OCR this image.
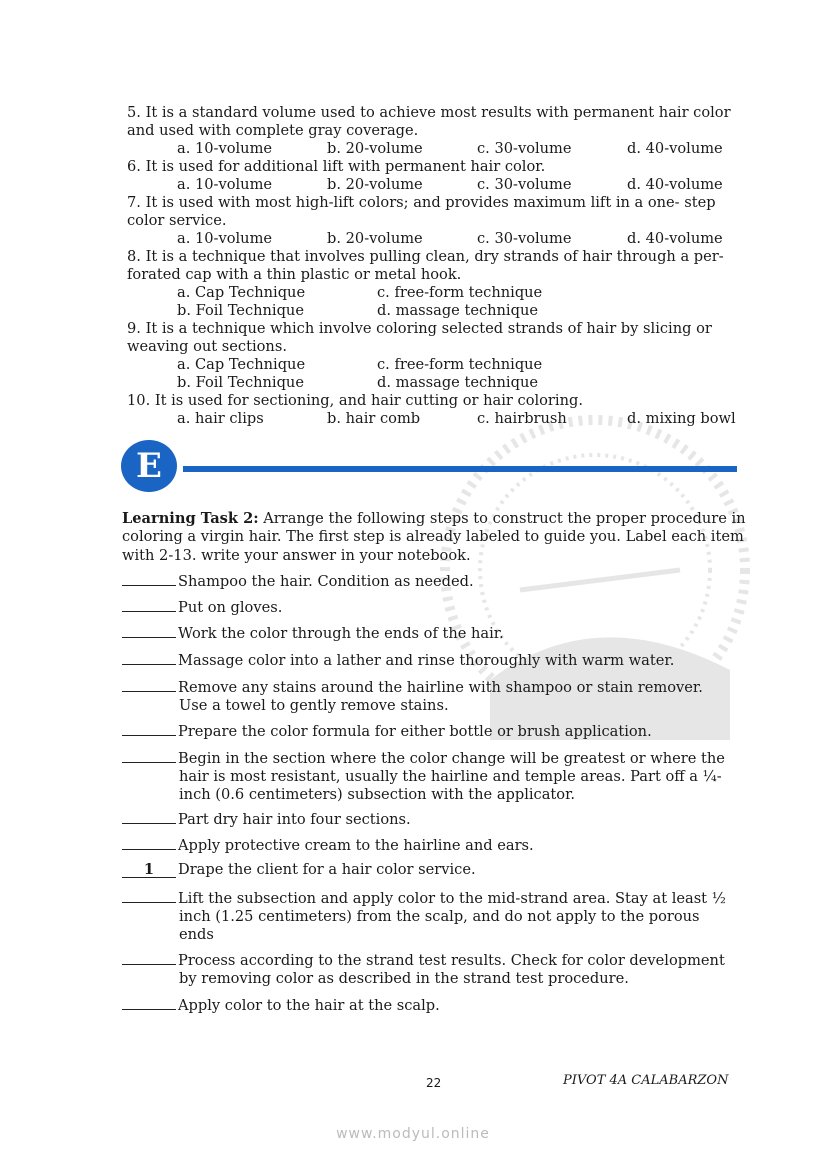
5. It is a standard volume used to achieve most results with permanent hair color
and used with complete gray coverage.
a. 10-volume	b. 20-volume	c. 30-volume	d. 40-volume
6. It is used for additional lift with permanent hair color.
a. 10-volume	b. 20-volume	c. 30-volume	d. 40-volume
7. It is used with most high-lift colors; and provides maximum lift in a one- step
color service.
a. 10-volume	b. 20-volume	c. 30-volume	d. 40-volume
8. It is a technique that involves pulling clean, dry strands of hair through a per-
forated cap with a thin plastic or metal hook.
a. Cap Technique	c. free-form technique
b. Foil Technique	d. massage technique
9. It is a technique which involve coloring selected strands of hair by slicing or
weaving out sections.
a. Cap Technique	c. free-form technique
b. Foil Technique	d. massage technique
10. It is used for sectioning, and hair cutting or hair coloring.
a. hair clips	b. hair comb	c. hairbrush	d. mixing bowl
E
Learning Task 2: Arrange the following steps to construct the proper procedure in coloring a virgin hair. The first step is already labeled to guide you. Label each item with 2-13. write your answer in your notebook.
Shampoo the hair. Condition as needed.
Put on gloves.
Work the color through the ends of the hair.
Massage color into a lather and rinse thoroughly with warm water.
Remove any stains around the hairline with shampoo or stain remover.
Use a towel to gently remove stains.
Prepare the color formula for either bottle or brush application.
Begin in the section where the color change will be greatest or where the
hair is most resistant, usually the hairline and temple areas. Part off a ¼-
inch (0.6 centimeters) subsection with the applicator.
Part dry hair into four sections.
Apply protective cream to the hairline and ears.
1 Drape the client for a hair color service.
Lift the subsection and apply color to the mid-strand area. Stay at least ½
inch (1.25 centimeters) from the scalp, and do not apply to the porous
ends
Process according to the strand test results. Check for color development
by removing color as described in the strand test procedure.
Apply color to the hair at the scalp.
22	PIVOT 4A CALABARZON
www.modyul.online
